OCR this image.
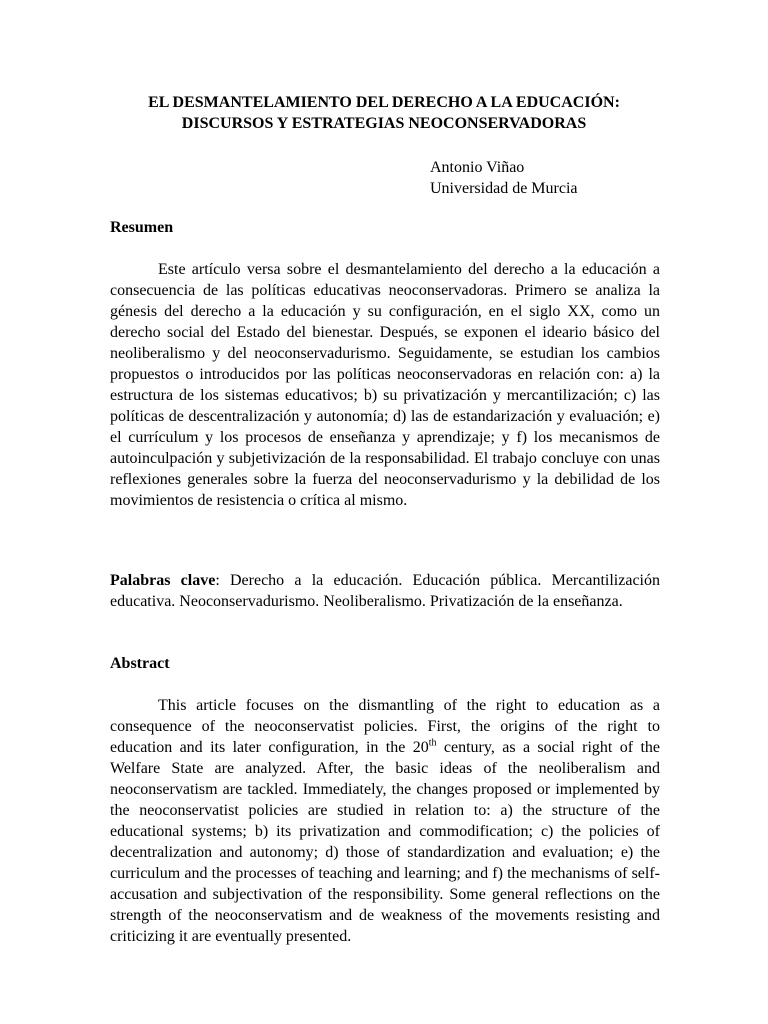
EL DESMANTELAMIENTO DEL DERECHO A LA EDUCACIÓN:
DISCURSOS Y ESTRATEGIAS NEOCONSERVADORAS
Antonio Viñao
Universidad de Murcia
Resumen
Este artículo versa sobre el desmantelamiento del derecho a la educación a consecuencia de las políticas educativas neoconservadoras. Primero se analiza la génesis del derecho a la educación y su configuración, en el siglo XX, como un derecho social del Estado del bienestar. Después, se exponen el ideario básico del neoliberalismo y del neoconservadurismo. Seguidamente, se estudian los cambios propuestos o introducidos por las políticas neoconservadoras en relación con: a) la estructura de los sistemas educativos; b) su privatización y mercantilización; c) las políticas de descentralización y autonomía; d) las de estandarización y evaluación; e) el currículum y los procesos de enseñanza y aprendizaje; y f) los mecanismos de autoinculpación y subjetivización de la responsabilidad. El trabajo concluye con unas reflexiones generales sobre la fuerza del neoconservadurismo y la debilidad de los movimientos de resistencia o crítica al mismo.
Palabras clave: Derecho a la educación. Educación pública. Mercantilización educativa. Neoconservadurismo. Neoliberalismo. Privatización de la enseñanza.
Abstract
This article focuses on the dismantling of the right to education as a consequence of the neoconservatist policies. First, the origins of the right to education and its later configuration, in the 20th century, as a social right of the Welfare State are analyzed. After, the basic ideas of the neoliberalism and neoconservatism are tackled. Immediately, the changes proposed or implemented by the neoconservatist policies are studied in relation to: a) the structure of the educational systems; b) its privatization and commodification; c) the policies of decentralization and autonomy; d) those of standardization and evaluation; e) the curriculum and the processes of teaching and learning; and f) the mechanisms of self-accusation and subjectivation of the responsibility. Some general reflections on the strength of the neoconservatism and de weakness of the movements resisting and criticizing it are eventually presented.
